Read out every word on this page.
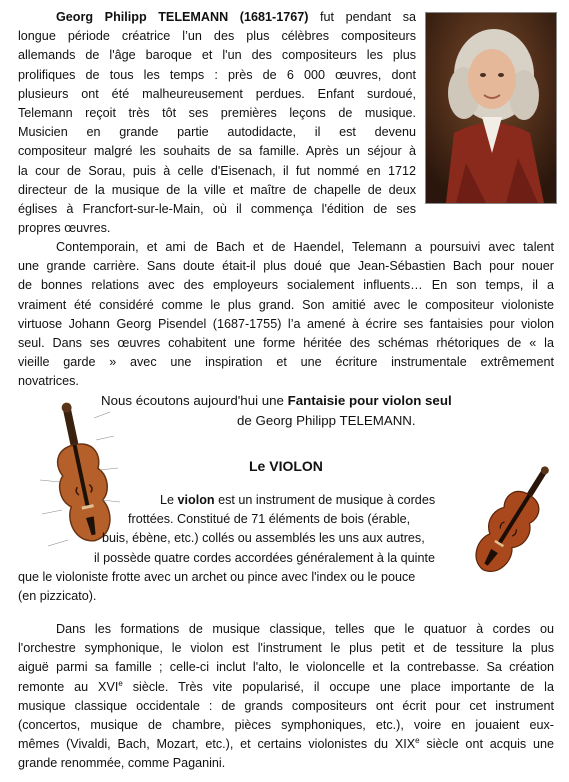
Georg Philipp TELEMANN (1681-1767) fut pendant sa
longue période créatrice l’un des plus célèbres compositeurs
allemands de l'âge baroque et l'un des compositeurs les plus
prolifiques de tous les temps : près de 6 000 œuvres, dont
plusieurs ont été malheureusement perdues. Enfant surdoué,
Telemann reçoit très tôt ses premières leçons de musique.
Musicien en grande partie autodidacte, il est devenu
compositeur malgré les souhaits de sa famille. Après un séjour à
la cour de Sorau, puis à celle d'Eisenach, il fut nommé en 1712
directeur de la musique de la ville et maître de chapelle de deux
églises à Francfort-sur-le-Main, où il commença l'édition de ses
propres œuvres.
Contemporain, et ami de Bach et de Haendel, Telemann a poursuivi avec talent
une grande carrière. Sans doute était-il plus doué que Jean-Sébastien Bach pour nouer
de bonnes relations avec des employeurs socialement influents… En son temps, il a
vraiment été considéré comme le plus grand. Son amitié avec le compositeur violoniste
virtuose Johann Georg Pisendel (1687-1755) l’a amené à écrire ses fantaisies pour violon
seul. Dans ses œuvres cohabitent une forme héritée des schémas rhétoriques de « la
vieille garde » avec une inspiration et une écriture instrumentale extrêmement
novatrices.
Nous écoutons aujourd'hui une Fantaisie pour violon seul
de Georg Philipp TELEMANN.
Le VIOLON
Le violon est un instrument de musique à cordes
frottées. Constitué de 71 éléments de bois (érable,
buis, ébène, etc.) collés ou assemblés les uns aux autres,
il possède quatre cordes accordées généralement à la quinte
que le violoniste frotte avec un archet ou pince avec l'index ou le pouce
(en pizzicato).
Dans les formations de musique classique, telles que le quatuor à cordes ou
l'orchestre symphonique, le violon est l'instrument le plus petit et de tessiture la plus
aiguë parmi sa famille ; celle-ci inclut l'alto, le violoncelle et la contrebasse. Sa création
remonte au XVIe siècle. Très vite popularisé, il occupe une place importante de la
musique classique occidentale : de grands compositeurs ont écrit pour cet instrument
(concertos, musique de chambre, pièces symphoniques, etc.), voire en jouaient eux-
mêmes (Vivaldi, Bach, Mozart, etc.), et certains violonistes du XIXe siècle ont acquis une
grande renommée, comme Paganini.
